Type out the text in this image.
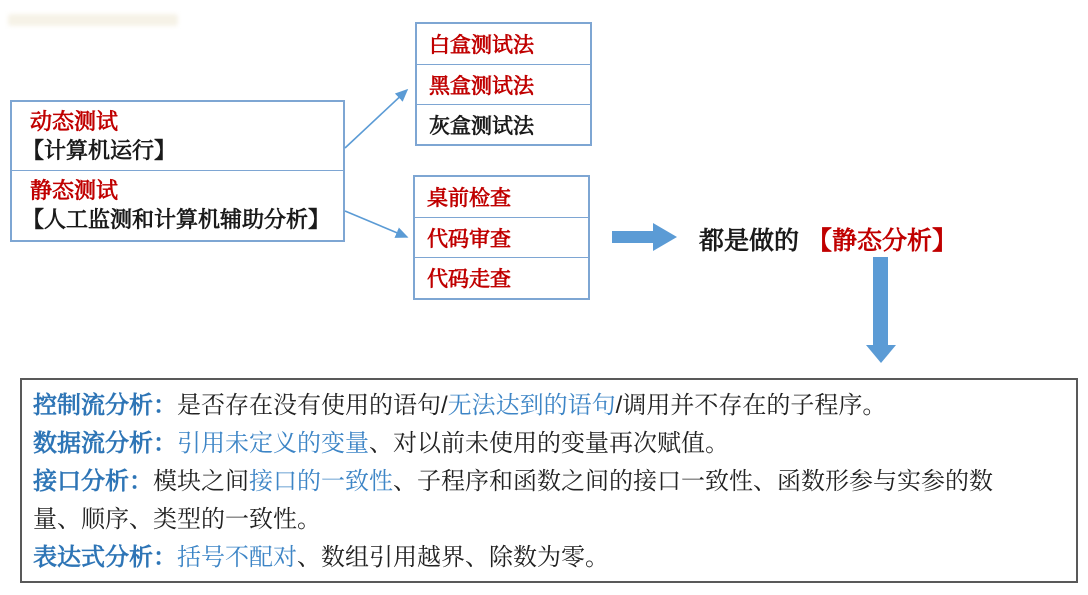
动态测试
【计算机运行】
静态测试
【人工监测和计算机辅助分析】
白盒测试法
黑盒测试法
灰盒测试法
桌前检查
代码审查
代码走查
都是做的 【静态分析】
控制流分析：是否存在没有使用的语句/无法达到的语句/调用并不存在的子程序。
数据流分析：引用未定义的变量、对以前未使用的变量再次赋值。
接口分析：模块之间接口的一致性、子程序和函数之间的接口一致性、函数形参与实参的数
量、顺序、类型的一致性。
表达式分析：括号不配对、数组引用越界、除数为零。
